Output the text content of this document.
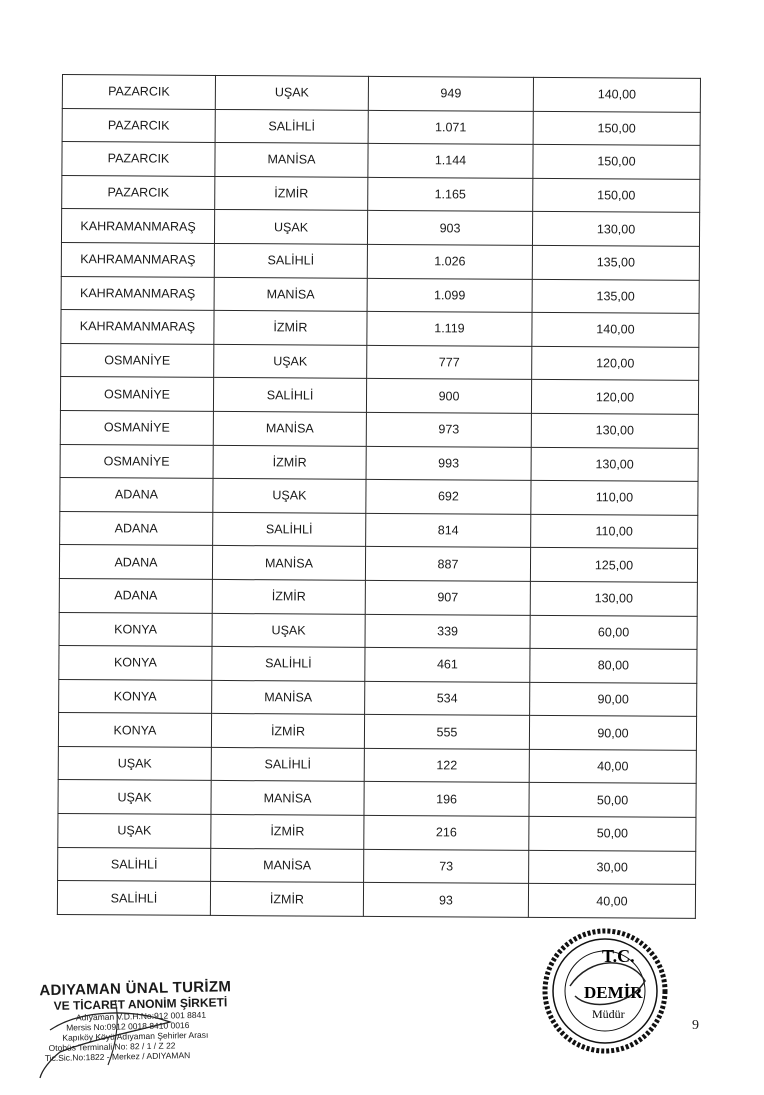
PAZARCIK	UŞAK	949	140,00
PAZARCIK	SALİHLİ	1.071	150,00
PAZARCIK	MANİSA	1.144	150,00
PAZARCIK	İZMİR	1.165	150,00
KAHRAMANMARAŞ	UŞAK	903	130,00
KAHRAMANMARAŞ	SALİHLİ	1.026	135,00
KAHRAMANMARAŞ	MANİSA	1.099	135,00
KAHRAMANMARAŞ	İZMİR	1.119	140,00
OSMANİYE	UŞAK	777	120,00
OSMANİYE	SALİHLİ	900	120,00
OSMANİYE	MANİSA	973	130,00
OSMANİYE	İZMİR	993	130,00
ADANA	UŞAK	692	110,00
ADANA	SALİHLİ	814	110,00
ADANA	MANİSA	887	125,00
ADANA	İZMİR	907	130,00
KONYA	UŞAK	339	60,00
KONYA	SALİHLİ	461	80,00
KONYA	MANİSA	534	90,00
KONYA	İZMİR	555	90,00
UŞAK	SALİHLİ	122	40,00
UŞAK	MANİSA	196	50,00
UŞAK	İZMİR	216	50,00
SALİHLİ	MANİSA	73	30,00
SALİHLİ	İZMİR	93	40,00
ADIYAMAN ÜNAL TURİZM
VE TİCARET ANONİM ŞİRKETİ
Adıyaman V.D.H.No:912 001 8841
Mersis No:0912 0018 8410 0016
Kapıköy Köyü Adıyaman Şehirler Arası
Otobüs Terminali No: 82 / 1 / Z 22
Tic.Sic.No:1822 - Merkez / ADIYAMAN
T.C.
DEMİR
Müdür
9
